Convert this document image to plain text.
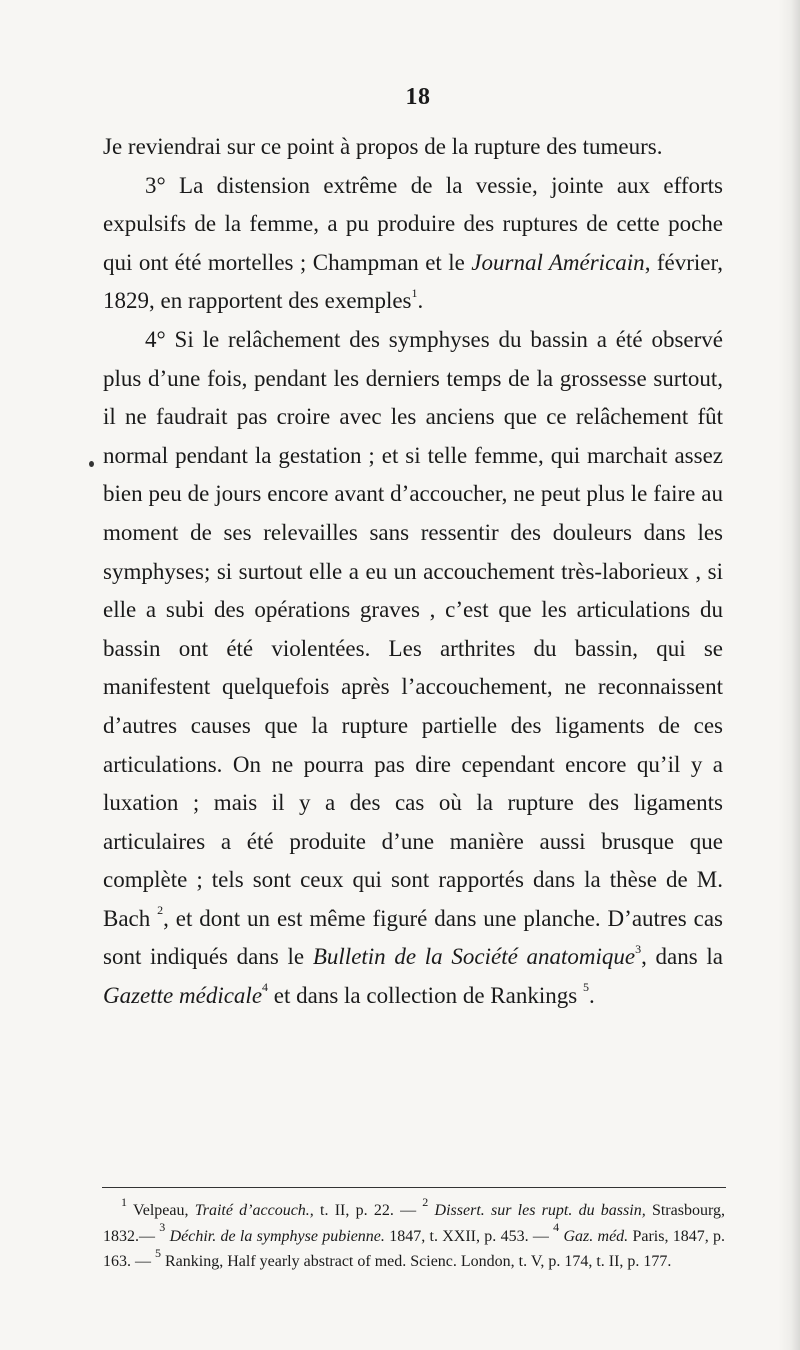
18

Je reviendrai sur ce point à propos de la rupture des tumeurs.

3° La distension extrême de la vessie, jointe aux efforts expulsifs de la femme, a pu produire des ruptures de cette poche qui ont été mortelles ; Champman et le Journal Américain, février, 1829, en rapportent des exemples$^1$.

4° Si le relâchement des symphyses du bassin a été observé plus d’une fois, pendant les derniers temps de la grossesse surtout, il ne faudrait pas croire avec les anciens que ce relâchement fût normal pendant la gestation ; et si telle femme, qui marchait assez bien peu de jours encore avant d’accoucher, ne peut plus le faire au moment de ses relevailles sans ressentir des douleurs dans les symphyses; si surtout elle a eu un accouchement très-laborieux , si elle a subi des opérations graves , c’est que les articulations du bassin ont été violentées. Les arthrites du bassin, qui se manifestent quelquefois après l’accouchement, ne reconnaissent d’autres causes que la rupture partielle des ligaments de ces articulations. On ne pourra pas dire cependant encore qu’il y a luxation ; mais il y a des cas où la rupture des ligaments articulaires a été produite d’une manière aussi brusque que complète ; tels sont ceux qui sont rapportés dans la thèse de M. Bach $^2$, et dont un est même figuré dans une planche. D’autres cas sont indiqués dans le Bulletin de la Société anatomique$^3$, dans la Gazette médicale$^4$ et dans la collection de Rankings $^5$.

$^1$ Velpeau, Traité d’accouch., t. II, p. 22. — $^2$ Dissert. sur les rupt. du bassin, Strasbourg, 1832.— $^3$ Déchir. de la symphyse pubienne. 1847, t. XXII, p. 453. — $^4$ Gaz. méd. Paris, 1847, p. 163. — $^5$ Ranking, Half yearly abstract of med. Scienc. London, t. V, p. 174, t. II, p. 177.
